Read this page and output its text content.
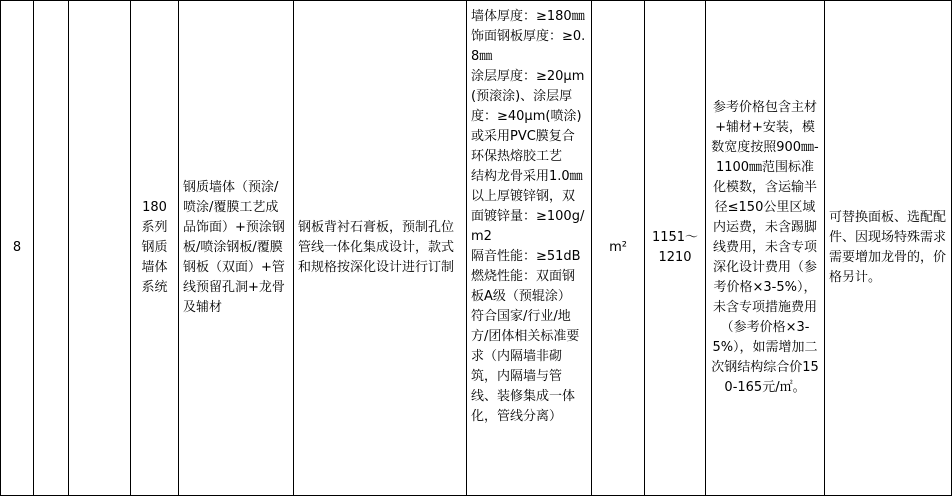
8			180
系列
钢质
墙体
系统	钢质墙体（预涂/喷涂/覆膜工艺成品饰面）+预涂钢板/喷涂钢板/覆膜钢板（双面）+管线预留孔洞+龙骨及辅材	钢板背衬石膏板，预制孔位管线一体化集成设计，款式和规格按深化设计进行订制	墙体厚度：≥180㎜
饰面钢板厚度：≥0.8㎜
涂层厚度：≥20μm(预滚涂)、涂层厚度：≥40μm(喷涂)或采用PVC膜复合环保热熔胶工艺
结构龙骨采用1.0㎜以上厚镀锌钢，双面镀锌量：≥100g/m2
隔音性能：≥51dB
燃烧性能：双面钢板A级（预辊涂）
符合国家/行业/地方/团体相关标准要求（内隔墙非砌筑，内隔墙与管线、装修集成一体化，管线分离）	m²	1151～1210	参考价格包含主材+辅材+安装，模数宽度按照900㎜-1100㎜范围标准化模数，含运输半径≤150公里区域内运费，未含踢脚线费用，未含专项深化设计费用（参考价格×3-5%），未含专项措施费用（参考价格×3-5%），如需增加二次钢结构综合价150-165元/㎡。	可替换面板、选配配件、因现场特殊需求需要增加龙骨的，价格另计。
